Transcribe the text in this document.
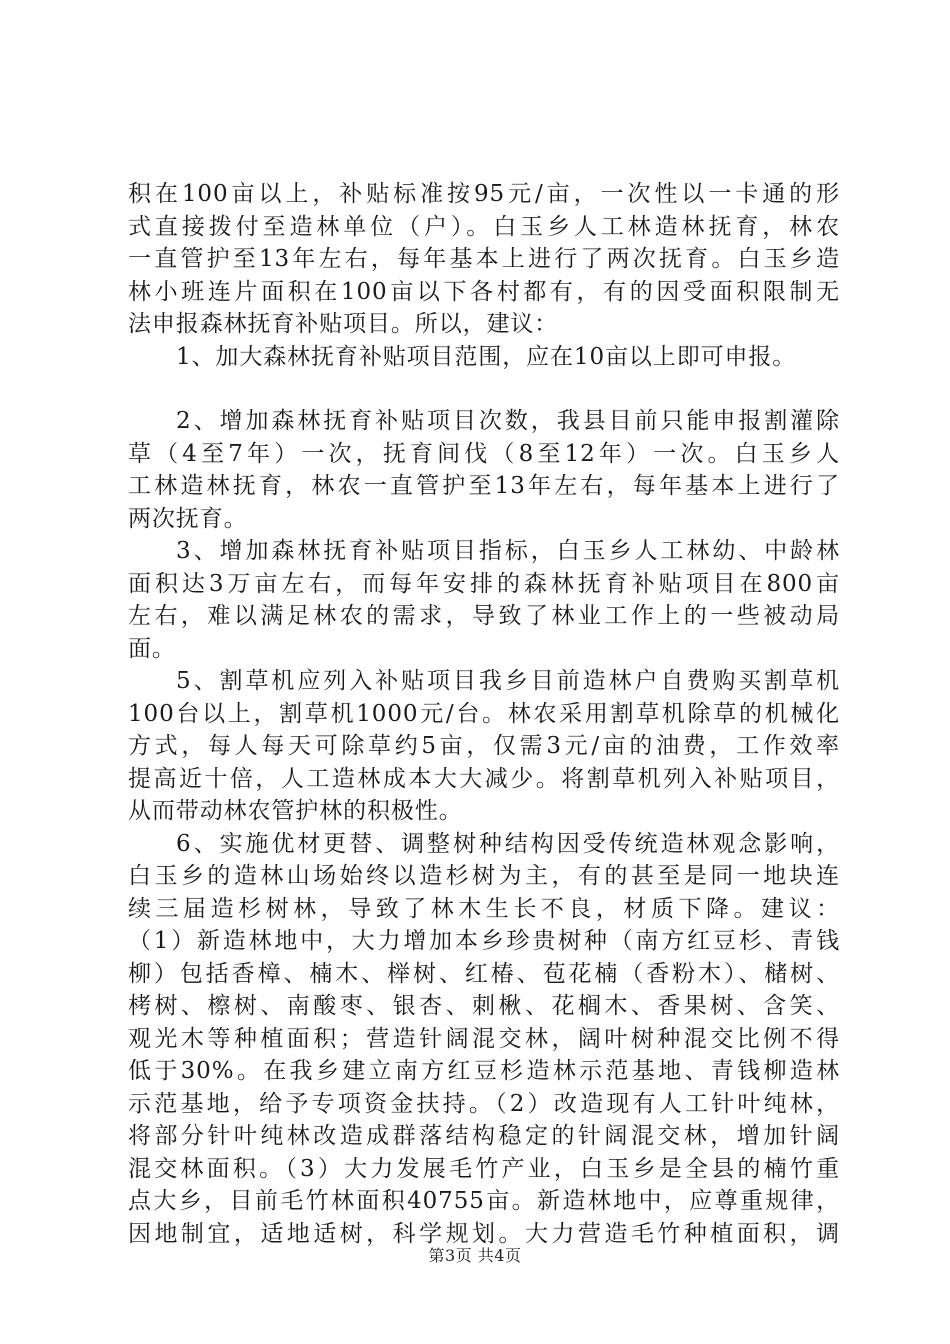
积在100亩以上，补贴标准按95元/亩，一次性以一卡通的形
式直接拨付至造林单位（户）。白玉乡人工林造林抚育，林农
一直管护至13年左右，每年基本上进行了两次抚育。白玉乡造
林小班连片面积在100亩以下各村都有，有的因受面积限制无
法申报森林抚育补贴项目。所以，建议：
1、加大森林抚育补贴项目范围，应在10亩以上即可申报。
2、增加森林抚育补贴项目次数，我县目前只能申报割灌除
草（4至7年）一次，抚育间伐（8至12年）一次。白玉乡人
工林造林抚育，林农一直管护至13年左右，每年基本上进行了
两次抚育。
3、增加森林抚育补贴项目指标，白玉乡人工林幼、中龄林
面积达3万亩左右，而每年安排的森林抚育补贴项目在800亩
左右，难以满足林农的需求，导致了林业工作上的一些被动局
面。
5、割草机应列入补贴项目我乡目前造林户自费购买割草机
100台以上，割草机1000元/台。林农采用割草机除草的机械化
方式，每人每天可除草约5亩，仅需3元/亩的油费，工作效率
提高近十倍，人工造林成本大大减少。将割草机列入补贴项目，
从而带动林农管护林的积极性。
6、实施优材更替、调整树种结构因受传统造林观念影响，
白玉乡的造林山场始终以造杉树为主，有的甚至是同一地块连
续三届造杉树林，导致了林木生长不良，材质下降。建议：
（1）新造林地中，大力增加本乡珍贵树种（南方红豆杉、青钱
柳）包括香樟、楠木、榉树、红椿、苞花楠（香粉木）、槠树、
栲树、檫树、南酸枣、银杏、刺楸、花榈木、香果树、含笑、
观光木等种植面积；营造针阔混交林，阔叶树种混交比例不得
低于30%。在我乡建立南方红豆杉造林示范基地、青钱柳造林
示范基地，给予专项资金扶持。（2）改造现有人工针叶纯林，
将部分针叶纯林改造成群落结构稳定的针阔混交林，增加针阔
混交林面积。（3）大力发展毛竹产业，白玉乡是全县的楠竹重
点大乡，目前毛竹林面积40755亩。新造林地中，应尊重规律，
因地制宜，适地适树，科学规划。大力营造毛竹种植面积，调
第3页 共4页
